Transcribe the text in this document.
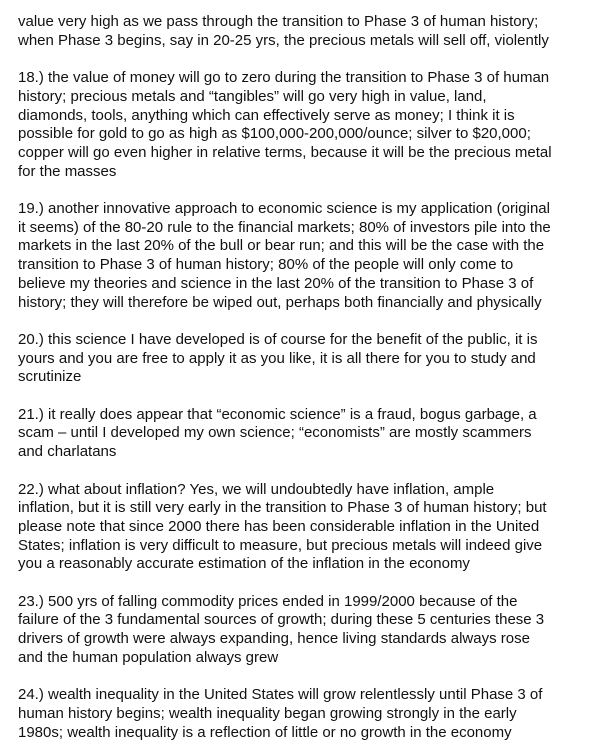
value very high as we pass through the transition to Phase 3 of human history;
when Phase 3 begins, say in 20-25 yrs, the precious metals will sell off, violently

18.) the value of money will go to zero during the transition to Phase 3 of human
history; precious metals and “tangibles” will go very high in value, land,
diamonds, tools, anything which can effectively serve as money; I think it is
possible for gold to go as high as $100,000-200,000/ounce; silver to $20,000;
copper will go even higher in relative terms, because it will be the precious metal
for the masses

19.) another innovative approach to economic science is my application (original
it seems) of the 80-20 rule to the financial markets; 80% of investors pile into the
markets in the last 20% of the bull or bear run; and this will be the case with the
transition to Phase 3 of human history; 80% of the people will only come to
believe my theories and science in the last 20% of the transition to Phase 3 of
history; they will therefore be wiped out, perhaps both financially and physically

20.) this science I have developed is of course for the benefit of the public, it is
yours and you are free to apply it as you like, it is all there for you to study and
scrutinize

21.) it really does appear that “economic science” is a fraud, bogus garbage, a
scam – until I developed my own science; “economists” are mostly scammers
and charlatans

22.) what about inflation? Yes, we will undoubtedly have inflation, ample
inflation, but it is still very early in the transition to Phase 3 of human history; but
please note that since 2000 there has been considerable inflation in the United
States; inflation is very difficult to measure, but precious metals will indeed give
you a reasonably accurate estimation of the inflation in the economy

23.) 500 yrs of falling commodity prices ended in 1999/2000 because of the
failure of the 3 fundamental sources of growth; during these 5 centuries these 3
drivers of growth were always expanding, hence living standards always rose
and the human population always grew

24.) wealth inequality in the United States will grow relentlessly until Phase 3 of
human history begins; wealth inequality began growing strongly in the early
1980s; wealth inequality is a reflection of little or no growth in the economy
